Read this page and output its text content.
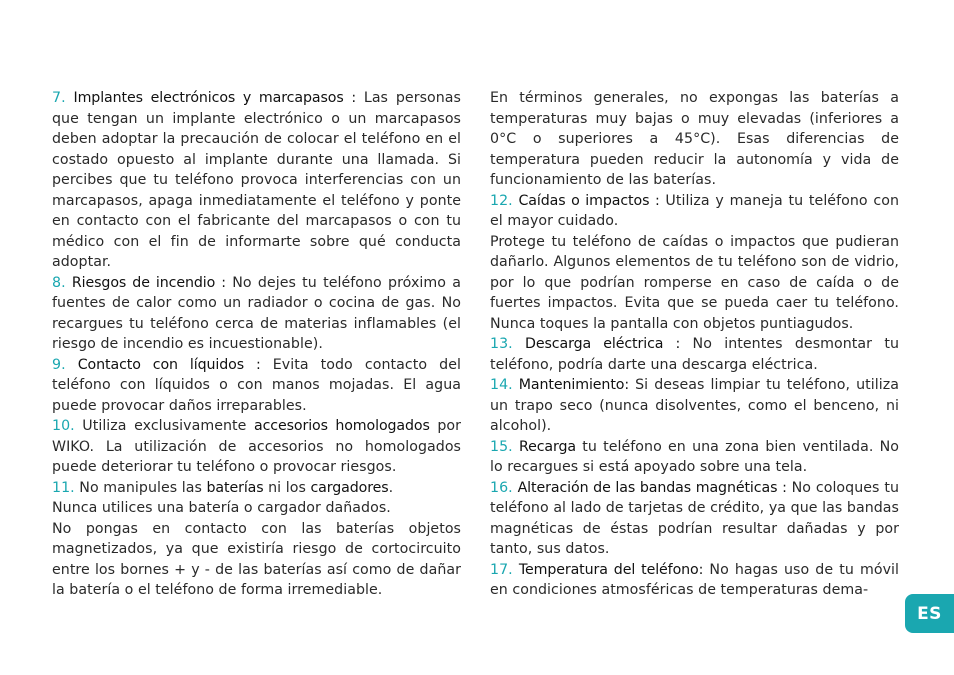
7. Implantes electrónicos y marcapasos : Las personas que tengan un implante electrónico o un marcapasos deben adoptar la precaución de colocar el teléfono en el costado opuesto al implante durante una llamada. Si percibes que tu teléfono provoca interferencias con un marcapasos, apaga inmediatamente el teléfono y ponte en contacto con el fabricante del marcapasos o con tu médico con el fin de informarte sobre qué conducta adoptar.

8. Riesgos de incendio : No dejes tu teléfono próximo a fuentes de calor como un radiador o cocina de gas. No recargues tu teléfono cerca de materias inflamables (el riesgo de incendio es incuestionable).

9. Contacto con líquidos : Evita todo contacto del teléfono con líquidos o con manos mojadas. El agua puede provocar daños irreparables.

10. Utiliza exclusivamente accesorios homologados por WIKO. La utilización de accesorios no homologados puede deteriorar tu teléfono o provocar riesgos.

11. No manipules las baterías ni los cargadores.

Nunca utilices una batería o cargador dañados.

No pongas en contacto con las baterías objetos magnetizados, ya que existiría riesgo de cortocircuito entre los bornes + y - de las baterías así como de dañar la batería o el teléfono de forma irremediable.

En términos generales, no expongas las baterías a temperaturas muy bajas o muy elevadas (inferiores a 0°C o superiores a 45°C). Esas diferencias de temperatura pueden reducir la autonomía y vida de funcionamiento de las baterías.

12. Caídas o impactos : Utiliza y maneja tu teléfono con el mayor cuidado.

Protege tu teléfono de caídas o impactos que pudieran dañarlo. Algunos elementos de tu teléfono son de vidrio, por lo que podrían romperse en caso de caída o de fuertes impactos. Evita que se pueda caer tu teléfono. Nunca toques la pantalla con objetos puntiagudos.

13. Descarga eléctrica : No intentes desmontar tu teléfono, podría darte una descarga eléctrica.

14. Mantenimiento: Si deseas limpiar tu teléfono, utiliza un trapo seco (nunca disolventes, como el benceno, ni alcohol).

15. Recarga tu teléfono en una zona bien ventilada. No lo recargues si está apoyado sobre una tela.

16. Alteración de las bandas magnéticas : No coloques tu teléfono al lado de tarjetas de crédito, ya que las bandas magnéticas de éstas podrían resultar dañadas y por tanto, sus datos.

17. Temperatura del teléfono: No hagas uso de tu móvil en condiciones atmosféricas de temperaturas dema-

ES
